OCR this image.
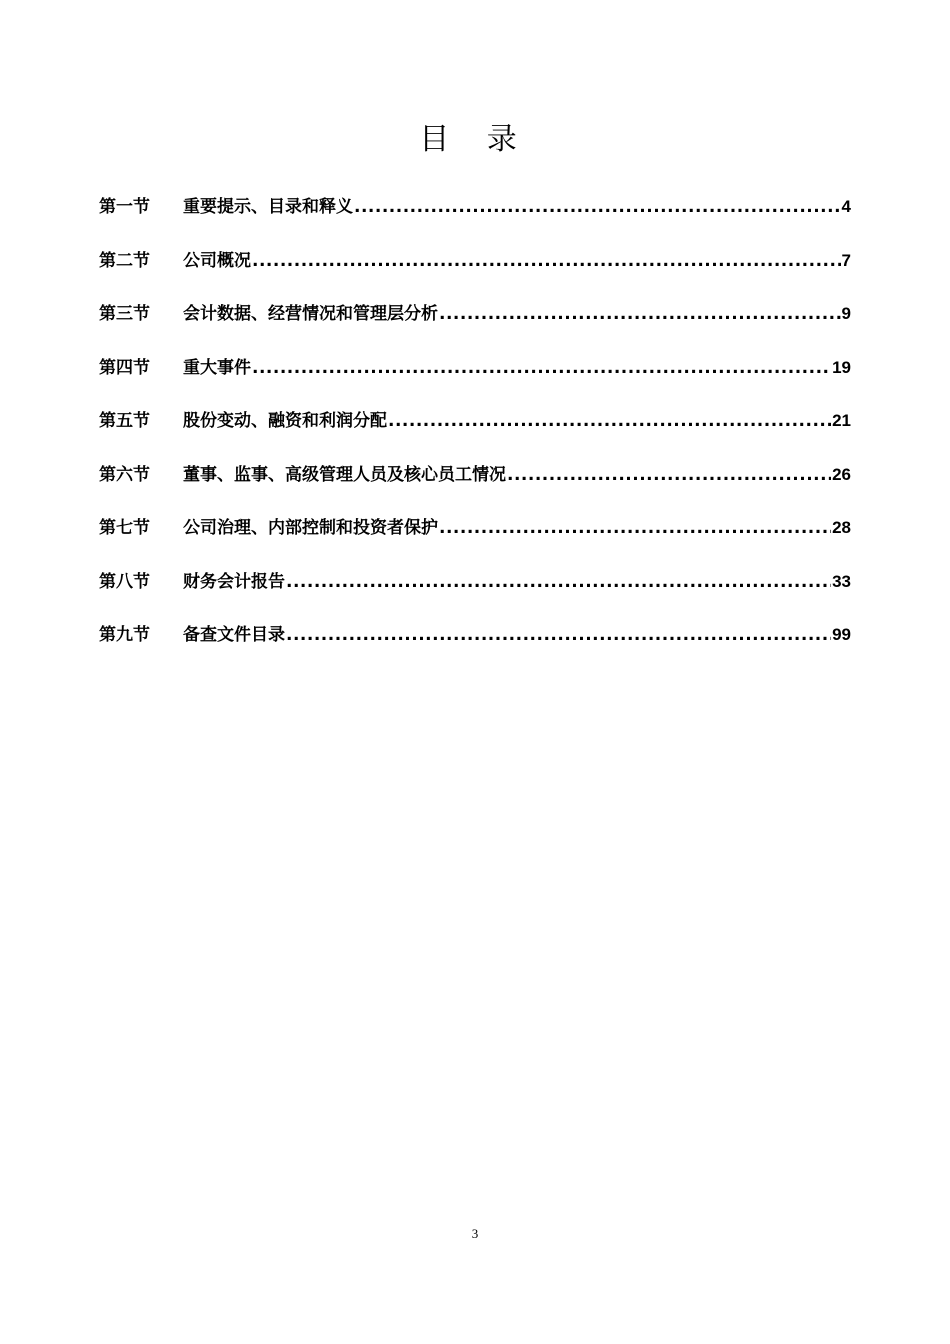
目 录
第一节	重要提示、目录和释义 .....	4
第二节	公司概况 .....	7
第三节	会计数据、经营情况和管理层分析 .....	9
第四节	重大事件 .....	19
第五节	股份变动、融资和利润分配 .....	21
第六节	董事、监事、高级管理人员及核心员工情况 .....	26
第七节	公司治理、内部控制和投资者保护 .....	28
第八节	财务会计报告 .....	33
第九节	备查文件目录 .....	99
3
